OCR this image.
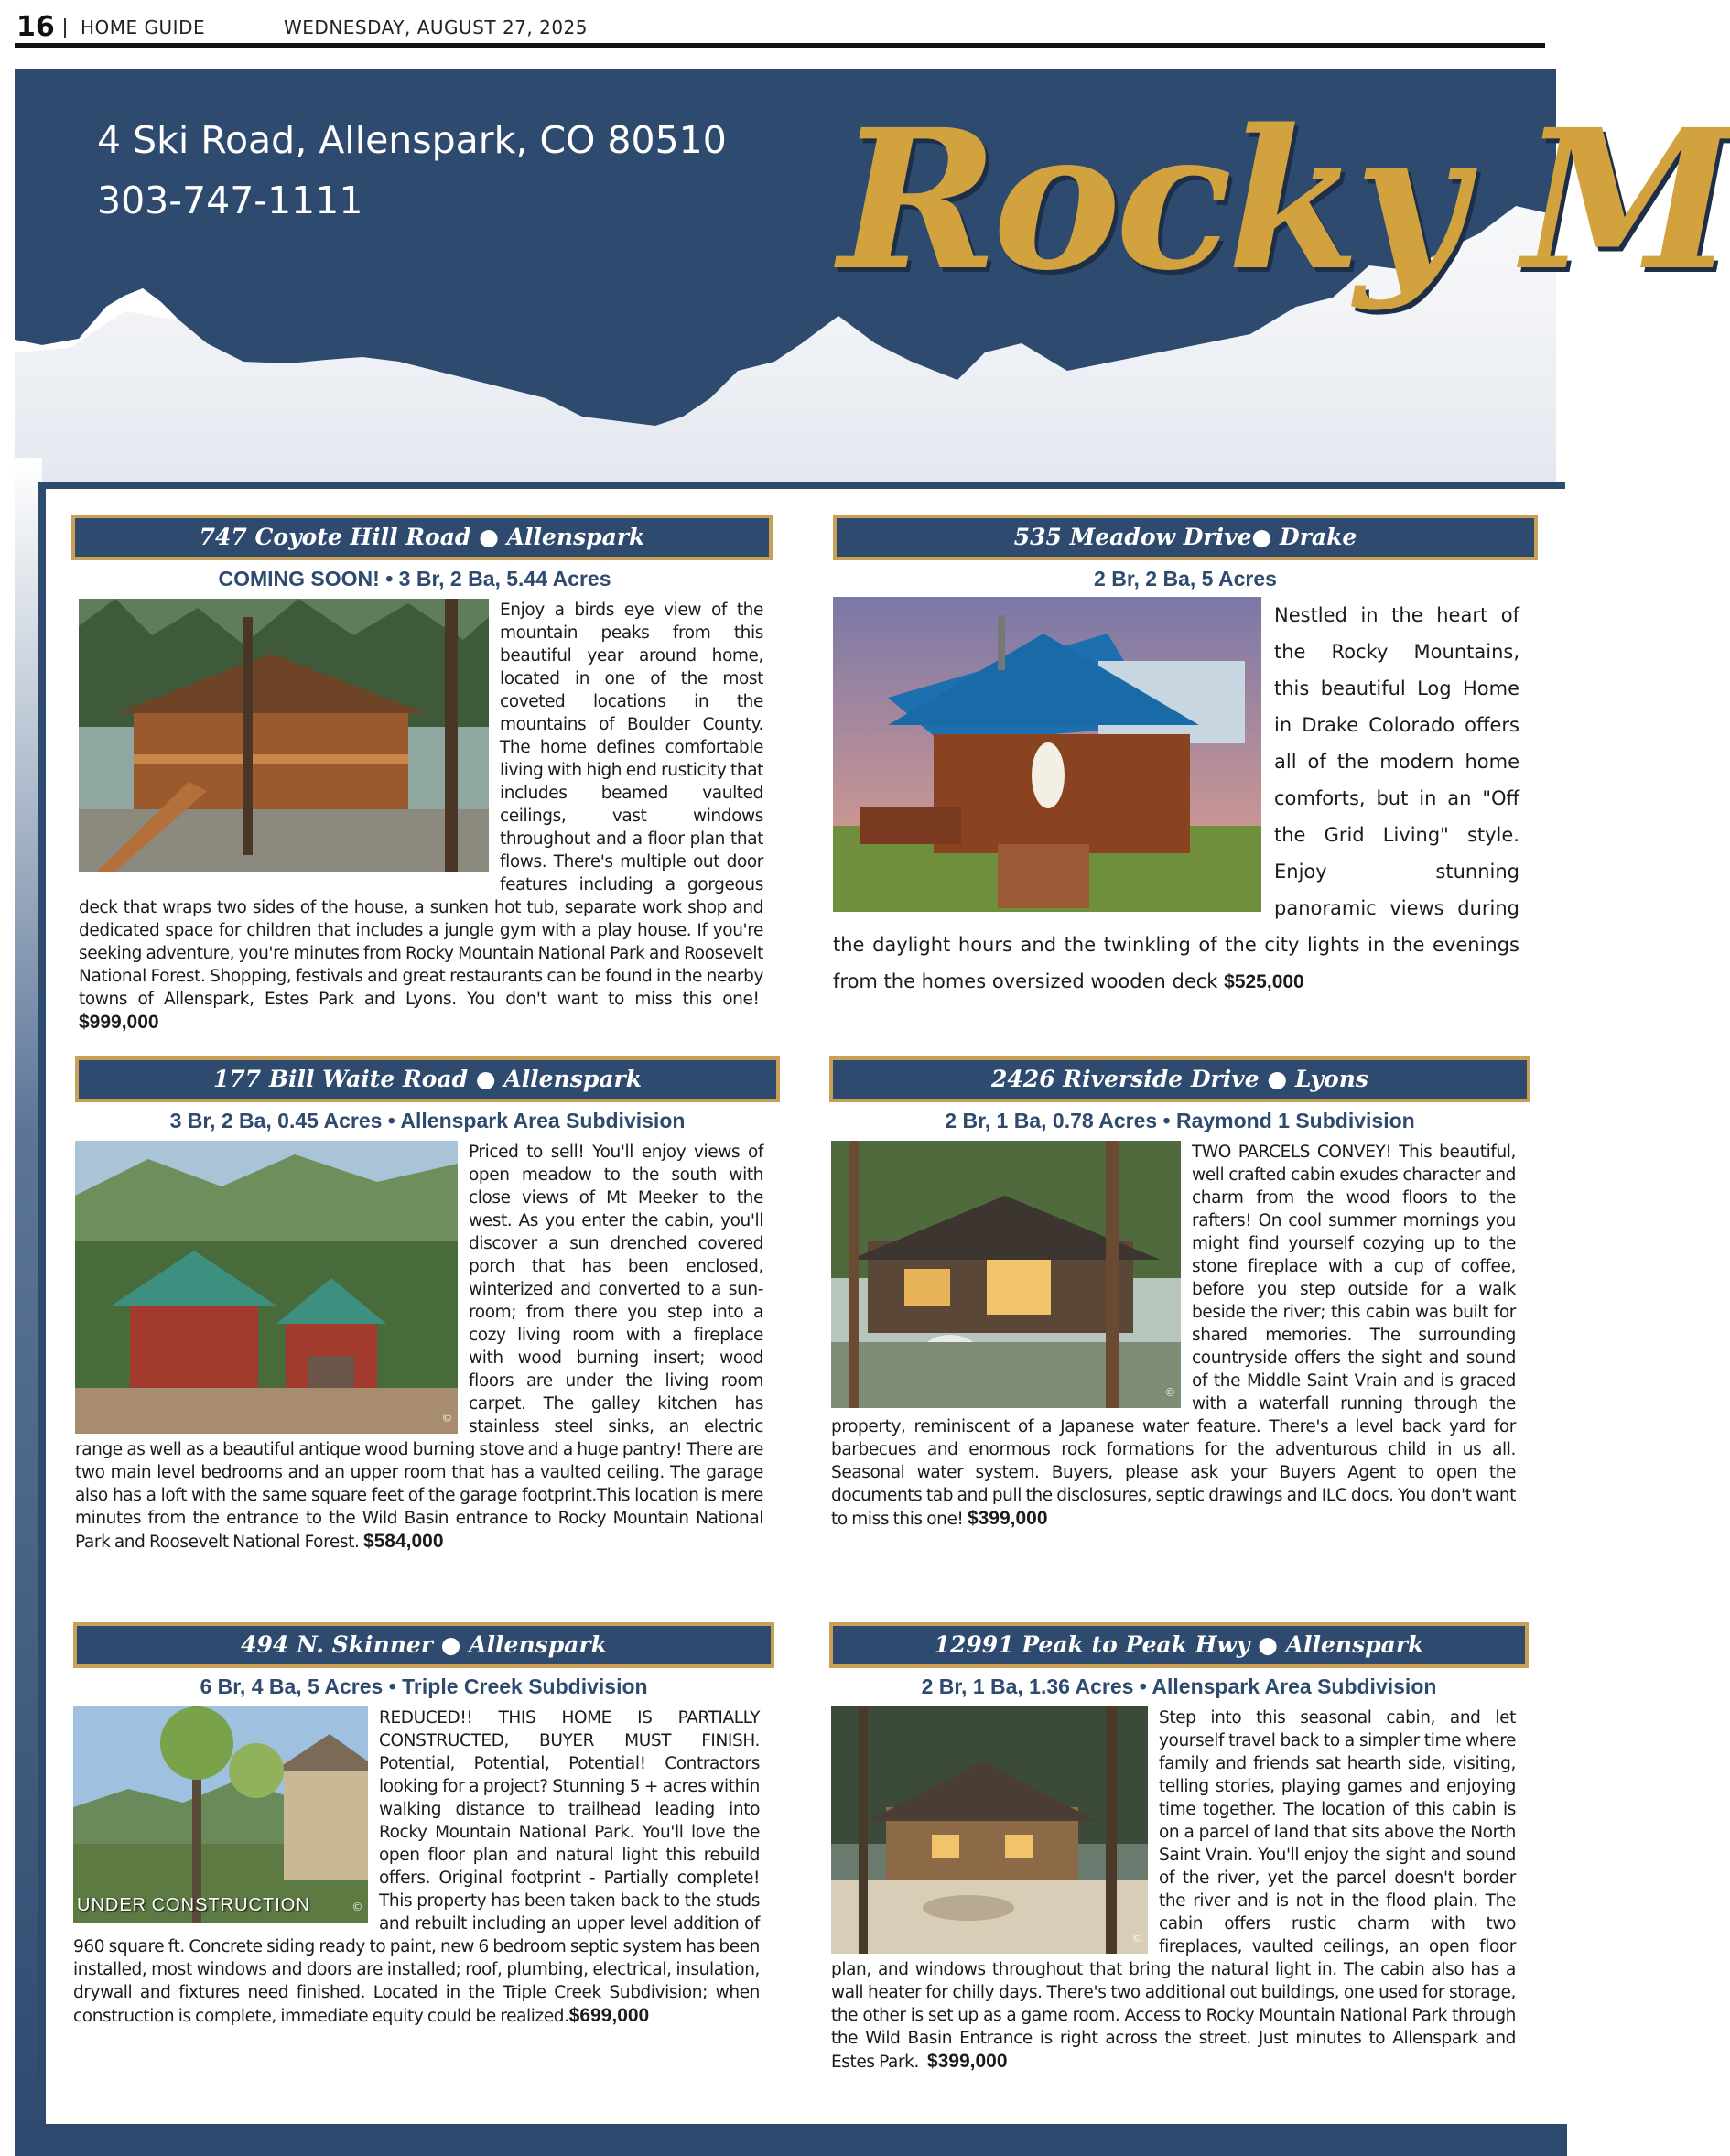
16 HOME GUIDE	WEDNESDAY, AUGUST 27, 2025
4 Ski Road, Allenspark, CO 80510
303-747-1111	Rocky M
747 Coyote Hill Road ● Allenspark
COMING SOON! • 3 Br, 2 Ba, 5.44 Acres

Enjoy a birds eye view of the mountain peaks from this beautiful year around home, located in one of the most coveted locations in the mountains of Boulder County. The home defines comfortable living with high end rusticity that includes beamed vaulted ceilings, vast windows throughout and a floor plan that flows. There's multiple out door features including a gorgeous deck that wraps two sides of the house, a sunken hot tub, separate work shop and dedicated space for children that includes a jungle gym with a play house. If you're seeking adventure, you're minutes from Rocky Mountain National Park and Roosevelt National Forest. Shopping, festivals and great restaurants can be found in the nearby towns of Allenspark, Estes Park and Lyons. You don't want to miss this one!  $999,000

535 Meadow Drive● Drake
2 Br, 2 Ba, 5 Acres

Nestled in the heart of the Rocky Mountains, this beautiful Log Home in Drake Colorado offers all of the modern home comforts, but in an "Off the Grid Living" style. Enjoy stunning panoramic views during the daylight hours and the twinkling of the city lights in the evenings from the homes oversized wooden deck $525,000

177 Bill Waite Road ● Allenspark
3 Br, 2 Ba, 0.45 Acres • Allenspark Area Subdivision
©

Priced to sell! You'll enjoy views of open meadow to the south with close views of Mt Meeker to the west. As you enter the cabin, you'll discover a sun drenched covered porch that has been enclosed, winterized and converted to a sun-room; from there you step into a cozy living room with a fireplace with wood burning insert; wood floors are under the living room carpet. The galley kitchen has stainless steel sinks, an electric range as well as a beautiful antique wood burning stove and a huge pantry! There are two main level bedrooms and an upper room that has a vaulted ceiling. The garage also has a loft with the same square feet of the garage footprint.This location is mere minutes from the entrance to the Wild Basin entrance to Rocky Mountain National Park and Roosevelt National Forest. $584,000

2426 Riverside Drive ● Lyons
2 Br, 1 Ba, 0.78 Acres • Raymond 1 Subdivision
©

TWO PARCELS CONVEY! This beautiful, well crafted cabin exudes character and charm from the wood floors to the rafters! On cool summer mornings you might find yourself cozying up to the stone fireplace with a cup of coffee, before you step outside for a walk beside the river; this cabin was built for shared memories. The surrounding countryside offers the sight and sound of the Middle Saint Vrain and is graced with a waterfall running through the property, reminiscent of a Japanese water feature. There's a level back yard for barbecues and enormous rock formations for the adventurous child in us all. Seasonal water system. Buyers, please ask your Buyers Agent to open the documents tab and pull the disclosures, septic drawings and ILC docs. You don't want to miss this one! $399,000

494 N. Skinner ● Allenspark
6 Br, 4 Ba, 5 Acres • Triple Creek Subdivision
UNDER CONSTRUCTION	©

REDUCED!! THIS HOME IS PARTIALLY CONSTRUCTED, BUYER MUST FINISH. Potential, Potential, Potential! Contractors looking for a project? Stunning 5 + acres within walking distance to trailhead leading into Rocky Mountain National Park. You'll love the open floor plan and natural light this rebuild offers. Original footprint - Partially complete! This property has been taken back to the studs and rebuilt including an upper level addition of 960 square ft. Concrete siding ready to paint, new 6 bedroom septic system has been installed, most windows and doors are installed; roof, plumbing, electrical, insulation, drywall and fixtures need finished. Located in the Triple Creek Subdivision; when construction is complete, immediate equity could be realized.$699,000

12991 Peak to Peak Hwy ● Allenspark
2 Br, 1 Ba, 1.36 Acres • Allenspark Area Subdivision
©

Step into this seasonal cabin, and let yourself travel back to a simpler time where family and friends sat hearth side, visiting, telling stories, playing games and enjoying time together. The location of this cabin is on a parcel of land that sits above the North Saint Vrain. You'll enjoy the sight and sound of the river, yet the parcel doesn't border the river and is not in the flood plain. The cabin offers rustic charm with two fireplaces, vaulted ceilings, an open floor plan, and windows throughout that bring the natural light in. The cabin also has a wall heater for chilly days. There's two additional out buildings, one used for storage, the other is set up as a game room. Access to Rocky Mountain National Park through the Wild Basin Entrance is right across the street. Just minutes to Allenspark and Estes Park. $399,000
